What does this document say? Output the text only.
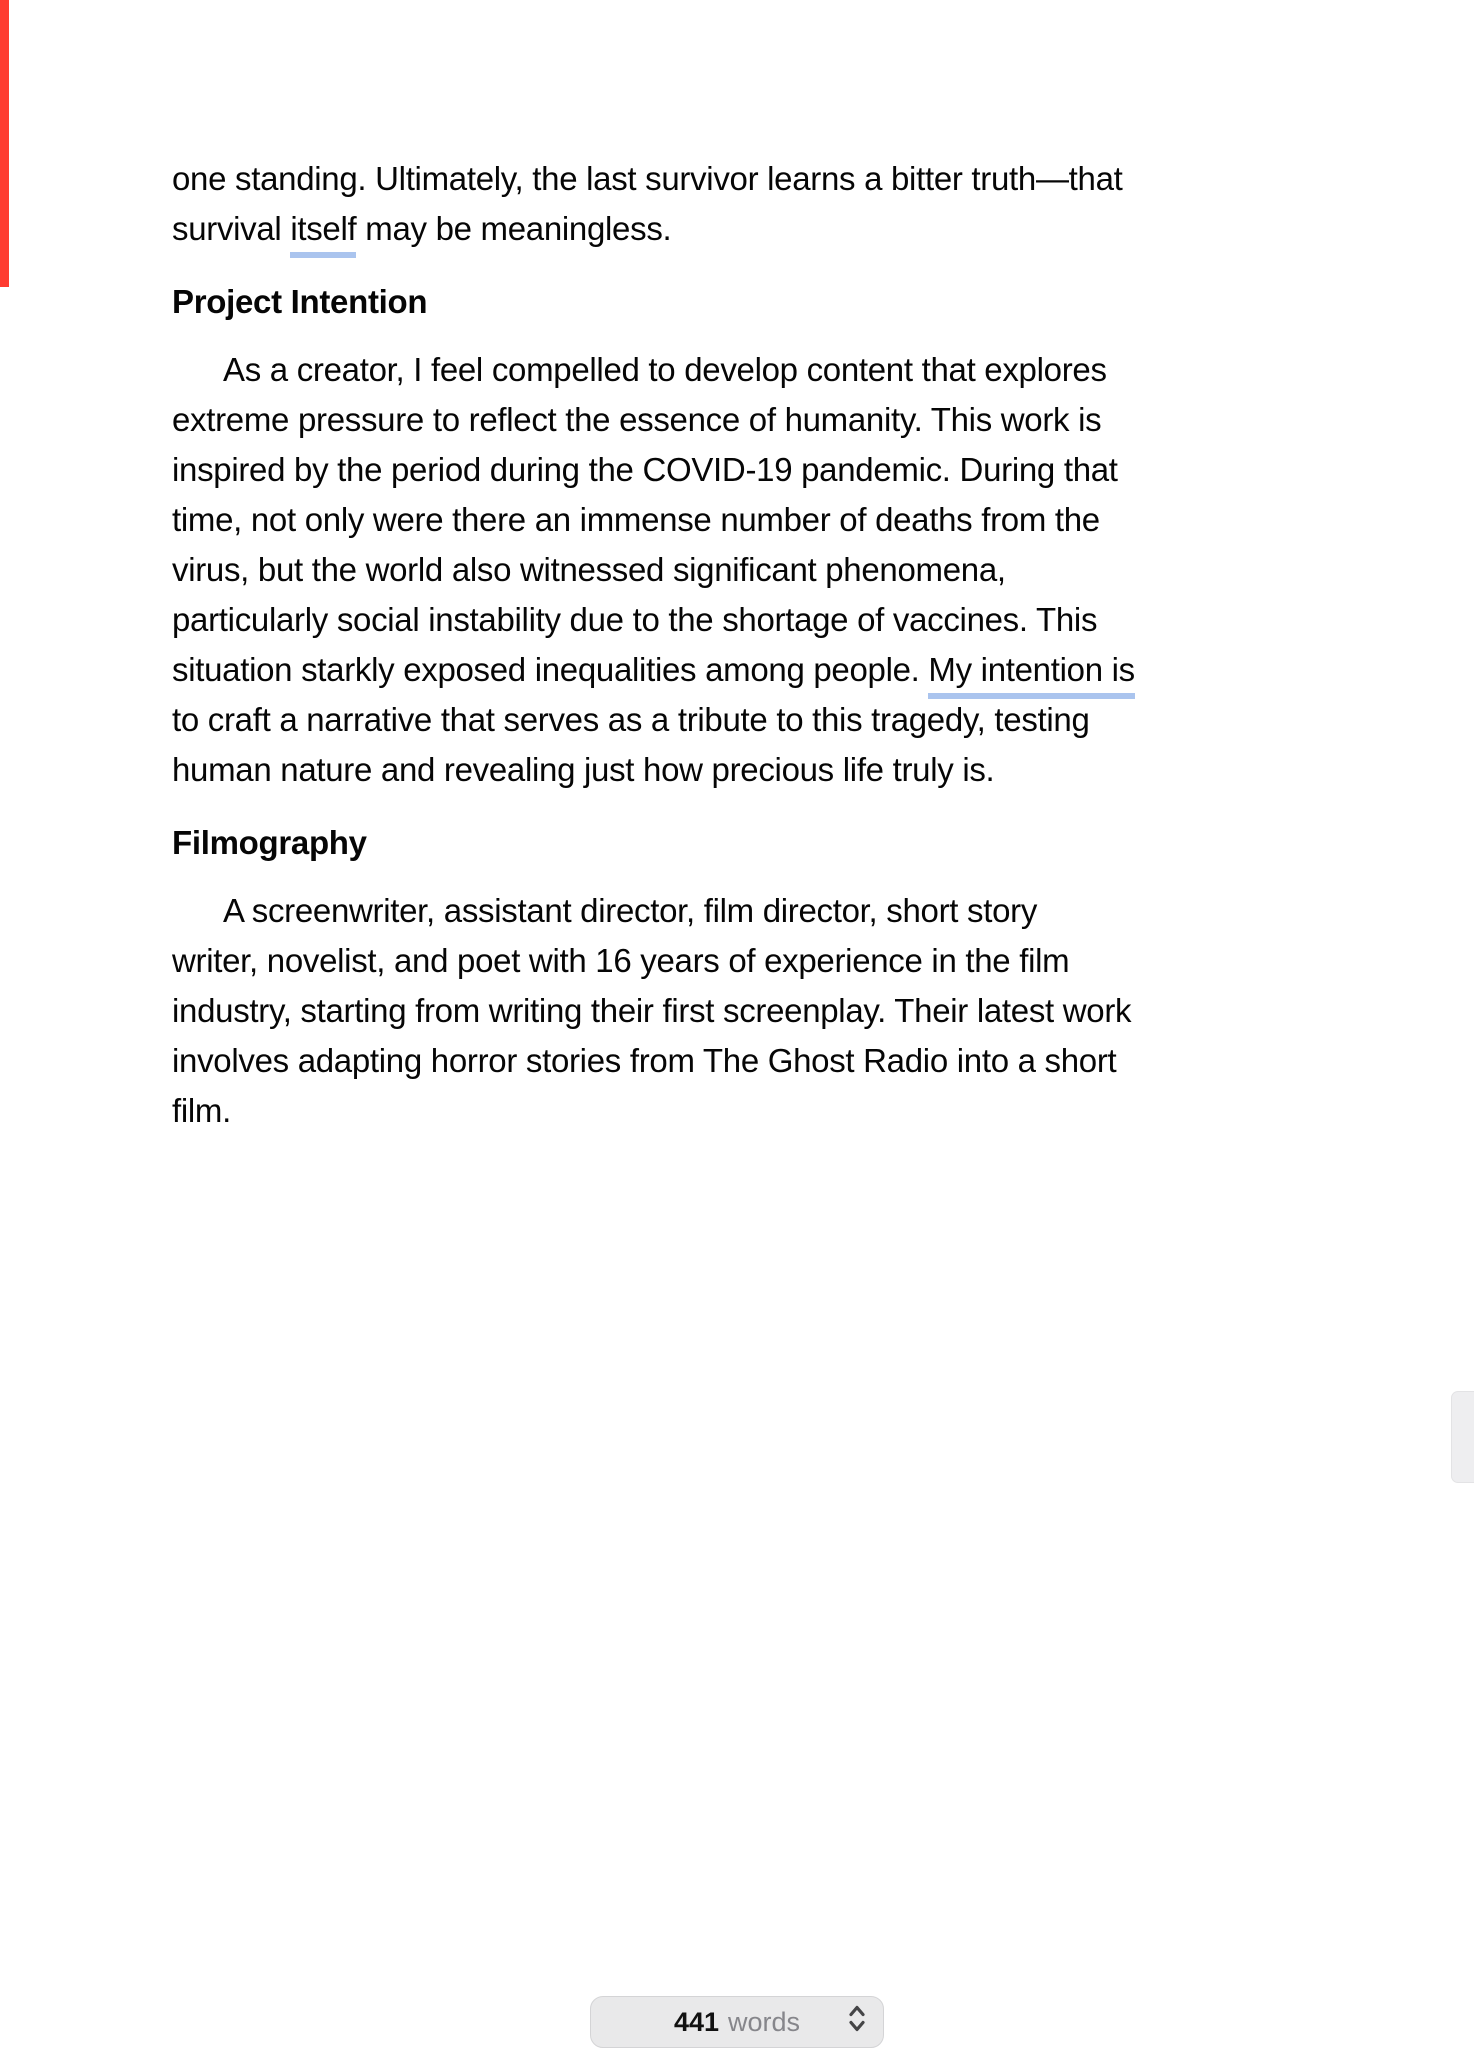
one standing. Ultimately, the last survivor learns a bitter truth—that
survival itself may be meaningless.
Project Intention
As a creator, I feel compelled to develop content that explores
extreme pressure to reflect the essence of humanity. This work is
inspired by the period during the COVID-19 pandemic. During that
time, not only were there an immense number of deaths from the
virus, but the world also witnessed significant phenomena,
particularly social instability due to the shortage of vaccines. This
situation starkly exposed inequalities among people. My intention is
to craft a narrative that serves as a tribute to this tragedy, testing
human nature and revealing just how precious life truly is.
Filmography
A screenwriter, assistant director, film director, short story
writer, novelist, and poet with 16 years of experience in the film
industry, starting from writing their first screenplay. Their latest work
involves adapting horror stories from The Ghost Radio into a short
film.
441 words
